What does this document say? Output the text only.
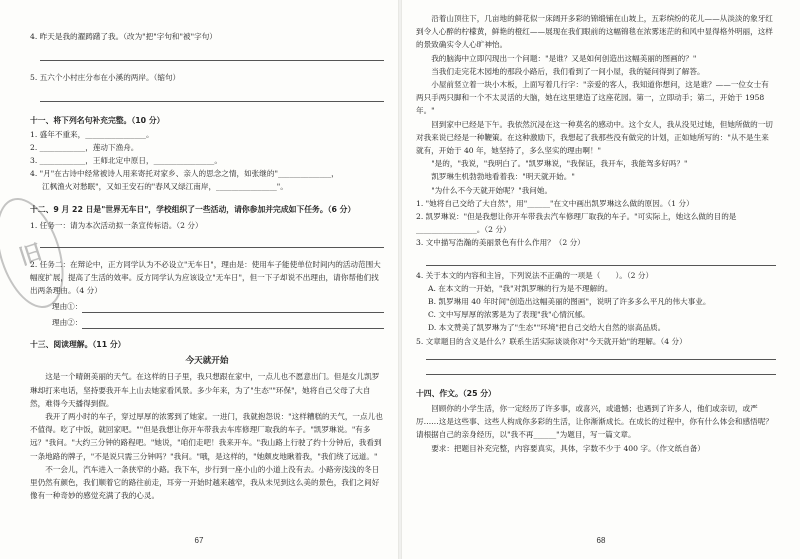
旧

4. 昨天是我的濯踌躇了我。（改为"把"字句和"被"字句）

5. 五六个小村庄分布在小溪的两岸。（缩句）

十一、将下列名句补充完整。（10 分）

1. 盛年不重来，________________。

2. ____________，莲动下渔舟。

3. ____________，王师北定中原日，________________。

4. "月"在古诗中经常被诗人用来寄托对家乡、亲人的思念之情，如张继的"______________，

江枫渔火对愁眠"，又如王安石的"春风又绿江南岸，________________"。

十二、9 月 22 日是"世界无车日"，学校组织了一些活动，请你参加并完成如下任务。（6 分）

1. 任务一：请为本次活动拟一条宣传标语。（2 分）

2. 任务二：在辩论中，正方同学认为不必设立"无车日"，理由是：使用车子能使单位时间内的活动范围大幅度扩展，提高了生活的效率。反方同学认为应该设立"无车日"，但一下子却说不出理由，请你帮他们找出两条理由。（4 分）

理由①：
理由②：

十三、阅读理解。（11 分）

今天就开始

这是一个晴朗美丽的天气。在这样的日子里，我只想跟在家中，一点儿也不愿意出门。但是女儿凯罗琳却打来电话，坚持要我开车上山去她家看风景。多少年来，为了"生态""环保"，她将自己父母了大自然，难得今天播得到假。

我开了两小时的车子，穿过厚厚的浓雾到了她家。一进门，我就抱怨说："这样糟糕的天气，一点儿也不值得。吃了中饭，就回家吧。""但是我想让你开车带我去车库修理厂取我的车子。"凯罗琳说。"有多远？"我问。"大约三分钟的路程吧。"她说，"咱们走吧！我来开车。"我山路上行驶了约十分钟后，我看到一条地路的牌子，"不是说只需三分钟吗？"我问。"哦，是这样的，"她颇皮地瞅着我，"我们绕了远道。"

不一会儿，汽车进入一条狭窄的小路。我下车，步行到一座小山的小道上没有去。小路旁浅浅的冬日里仍然有颜色，我们顺着它的路往前走，耳旁一开始时越来越窄，我从未见到这么美的景色，我们之间好像有一种奇妙的感觉充满了我的心灵。

67

沿着山顶往下，几亩地的鲜花似一床阔开多彩的锦缎铺在山坡上，五彩缤纷的花儿——从淡淡的象牙红到令人心醉的柠檬黄，鲜艳的橙红——展现在我们眼前的这幅锦毯在浓雾迷茫的和风中显得格外明丽，这样的景致确实令人心旷神怡。

我的脑海中立即闪现出一个问题："是谁？又是如何创造出这幅美丽的图画的？"

当我们走完花木园地的那段小路后，我们看到了一间小屋，我的疑问得到了解答。

小屋前竖立着一块小木板，上面写着几行字："亲爱的客人，我知道你想问，这是谁？——一位女士有两只手两只脚和一个不太灵活的大脑，她在这里建造了这座花园。第一，立即动手；第二，开始于 1958 年。"

回到家中已经是下午。我依然沉浸在这一种莫名的感动中。这个女人，我从没见过她，但她所做的一切对我来说已经是一种鞭策。在这种激励下，我想起了我那些没有做完的计划，正如她所写的："从不是生来就有，开始于 40 年，她坚持了，多么坚实的理由啊！"

"是的，"我说，"我明白了。"凯罗琳说，"我保证，我开车，我能驾多好吗？"

凯罗琳生机勃勃地看着我："明天就开始。"

"为什么不今天就开始呢？"我问她。

1. "她将自己交给了大自然"，用"______"在文中画出凯罗琳这么做的原因。（1 分）

2. 凯罗琳说："但是我想让你开车带我去汽车修理厂取我的车子。"可实际上，她这么做的目的是________________。（2 分）

3. 文中描写浩瀚的美丽景色有什么作用？（2 分）

4. 关于本文的内容和主旨，下列说法不正确的一项是（　　）。（2 分）

A. 在本文的一开始，"我"对凯罗琳的行为是不理解的。

B. 凯罗琳用 40 年时间"创造出这幅美丽的图画"，说明了许多多么平凡的伟大事业。

C. 文中写厚厚的浓雾是为了表现"我"心情沉郁。

D. 本文赞美了凯罗琳为了"生态""环境"把自己交给大自然的崇高品质。

5. 文章题目的含义是什么？联系生活实际谈谈你对"今天就开始"的理解。（4 分）

十四、作文。（25 分）

回顾你的小学生活，你一定经历了许多事，或喜兴，或遗憾；也遇到了许多人，他们或亲切，或严厉……这是这些事、这些人构成你多彩的生活，让你渐渐成长。在成长的过程中，你有什么体会和感悟呢？请根据自己的亲身经历，以"我不再______"为题目，写一篇文章。

要求：把题目补充完整，内容要真实，具体，字数不少于 400 字。（作文纸自备）

68
